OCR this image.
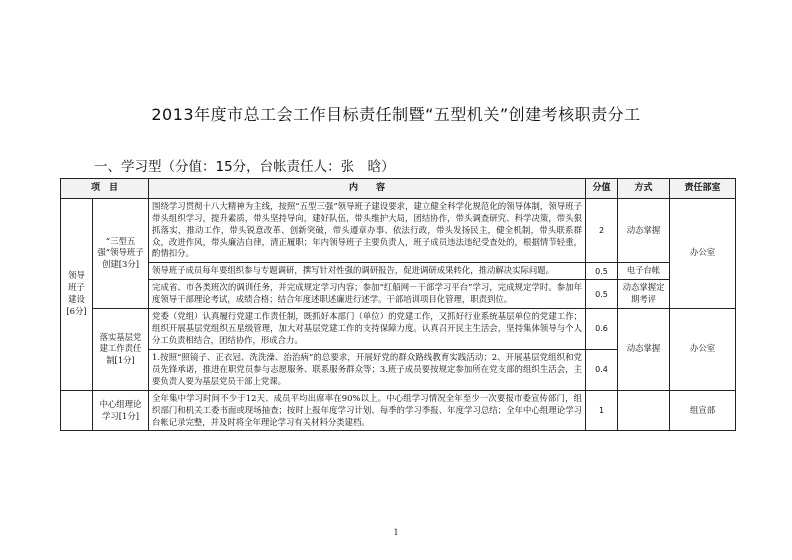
2013年度市总工会工作目标责任制暨“五型机关”创建考核职责分工
一、学习型（分值：15分，台帐责任人：张　晗）
项　目		内　　容	分值	方式	责任部室
领导班子建设[6分]	“三型五强”领导班子创建[3分]	围绕学习贯彻十八大精神为主线，按照“五型三强”领导班子建设要求，建立健全科学化规范化的领导体制，领导班子带头组织学习，提升素质，带头坚持导向，建好队伍，带头维护大局，团结协作，带头调查研究、科学决策，带头狠抓落实，推动工作，带头锐意改革、创新突破，带头遵章办事、依法行政，带头发扬民主，健全机制，带头联系群众，改进作风，带头廉洁自律，清正履职；年内领导班子主要负责人，班子成员违法违纪受查处的，根据情节轻重，酌情扣分。	2	动态掌握	办公室
		领导班子成员每年要组织参与专题调研，撰写针对性强的调研报告，促进调研成果转化，推动解决实际问题。	0.5	电子台帐	
		完成省、市各类班次的调训任务，并完成规定学习内容；参加“红船网－干部学习平台”学习，完成规定学时。参加年度领导干部理论考试，成绩合格；结合年度述职述廉进行述学。干部培训项目化管理，职责到位。	0.5	动态掌握定期考评	
	落实基层党建工作责任制[1分]	党委（党组）认真履行党建工作责任制，既抓好本部门（单位）的党建工作，又抓好行业系统基层单位的党建工作；组织开展基层党组织五星级管理，加大对基层党建工作的支持保障力度。认真召开民主生活会，坚持集体领导与个人分工负责相结合，团结协作，形成合力。	0.6	动态掌握	办公室
		1.按照“照镜子、正衣冠、洗洗澡、治治病”的总要求，开展好党的群众路线教育实践活动；2、开展基层党组织和党员先锋承诺，推进在职党员参与志愿服务、联系服务群众等；3.班子成员要按规定参加所在党支部的组织生活会，主要负责人要为基层党员干部上党课。	0.4		
	中心组理论学习[1分]	全年集中学习时间不少于12天、成员平均出席率在90%以上。中心组学习情况全年至少一次要报市委宣传部门，组织部门和机关工委书面或现场抽查；按时上报年度学习计划、每季的学习季报、年度学习总结；全年中心组理论学习台帐记录完整，并及时将全年理论学习有关材料分类建档。	1		组宣部
1
